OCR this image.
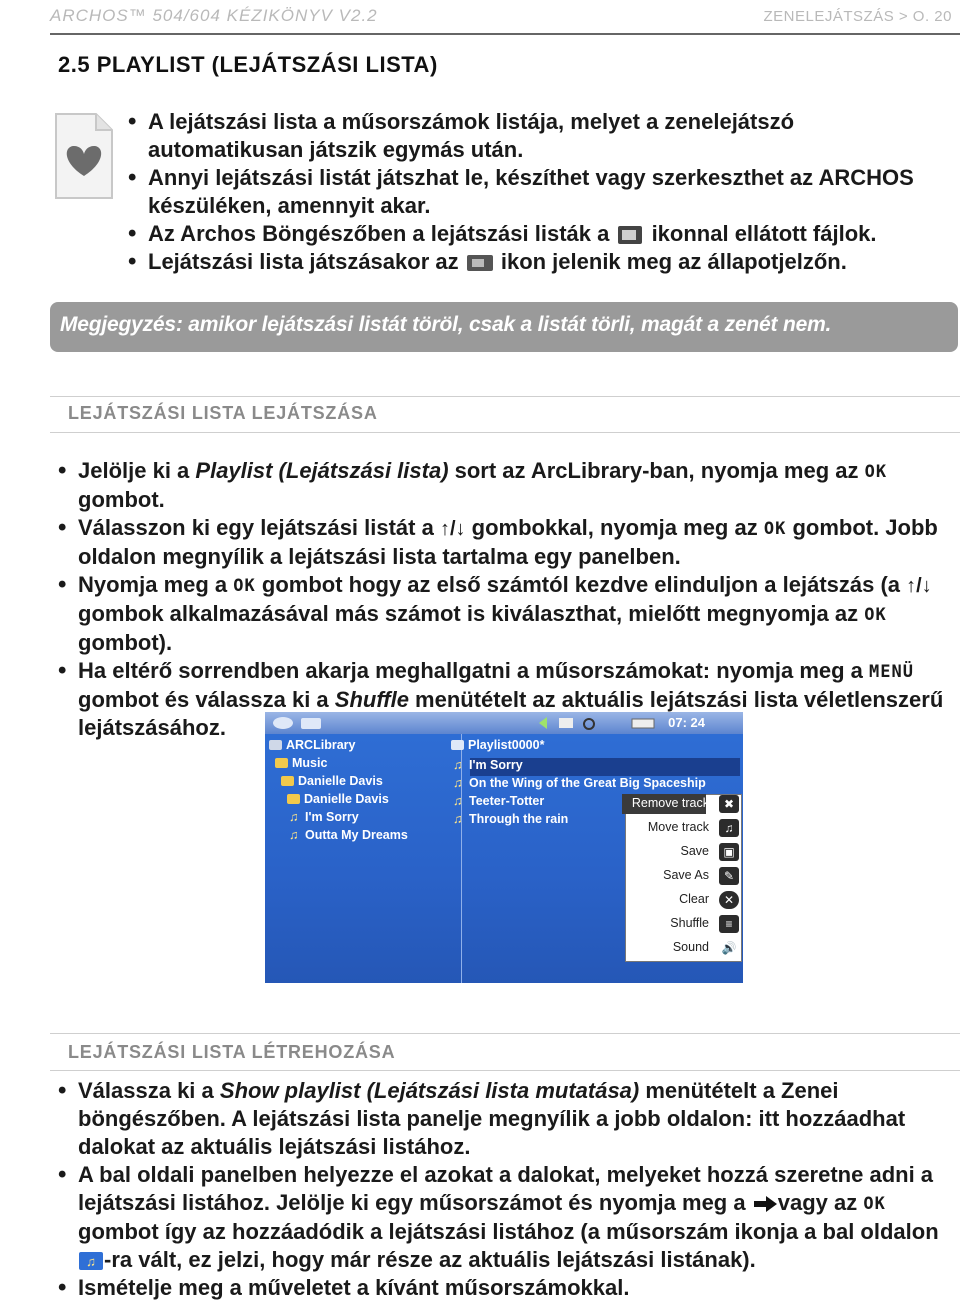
ARCHOS™ 504/604 KÉZIKÖNYV V2.2	ZENELEJÁTSZÁS > O. 20
2.5 PLAYLIST (LEJÁTSZÁSI LISTA)
• A lejátszási lista a műsorszámok listája, melyet a zenelejátszó automatikusan játszik egymás után.
• Annyi lejátszási listát játszhat le, készíthet vagy szerkeszthet az ARCHOS készüléken, amennyit akar.
• Az Archos Böngészőben a lejátszási listák a  ikonnal ellátott fájlok.
• Lejátszási lista játszásakor az  ikon jelenik meg az állapotjelzőn.
Megjegyzés: amikor lejátszási listát töröl, csak a listát törli, magát a zenét nem.
LEJÁTSZÁSI LISTA LEJÁTSZÁSA
• Jelölje ki a Playlist (Lejátszási lista) sort az ArcLibrary-ban, nyomja meg az OK gombot.
• Válasszon ki egy lejátszási listát a ↑/↓ gombokkal, nyomja meg az OK gombot. Jobb oldalon megnyílik a lejátszási lista tartalma egy panelben.
• Nyomja meg a OK gombot hogy az első számtól kezdve elinduljon a lejátszás (a ↑/↓ gombok alkalmazásával más számot is kiválaszthat, mielőtt megnyomja az OK gombot).
• Ha eltérő sorrendben akarja meghallgatni a műsorszámokat: nyomja meg a MENÜ gombot és válassza ki a Shuffle menütételt az aktuális lejátszási lista véletlenszerű lejátszásához.	07: 24
ARCLibrary
Music
Danielle Davis
Danielle Davis
♫ I'm Sorry
♫ Outta My Dreams
Playlist0000*
♫ I'm Sorry
♫ On the Wing of the Great Big Spaceship
♫ Teeter-Totter
♫ Through the rain
Remove track
Move track
Save
Save As
Clear
Shuffle
Sound
✖
♫
▣
✎
✕
≡
🔊
LEJÁTSZÁSI LISTA LÉTREHOZÁSA
• Válassza ki a Show playlist (Lejátszási lista mutatása) menütételt a Zenei böngészőben. A lejátszási lista panelje megnyílik a jobb oldalon: itt hozzáadhat dalokat az aktuális lejátszási listához.
• A bal oldali panelben helyezze el azokat a dalokat, melyeket hozzá szeretne adni a lejátszási listához. Jelölje ki egy műsorszámot és nyomja meg a vagy az OK gombot így az hozzáadódik a lejátszási listához (a műsorszám ikonja a bal oldalon
♫ -ra vált, ez jelzi, hogy már része az aktuális lejátszási listának).
• Ismételje meg a műveletet a kívánt műsorszámokkal.
